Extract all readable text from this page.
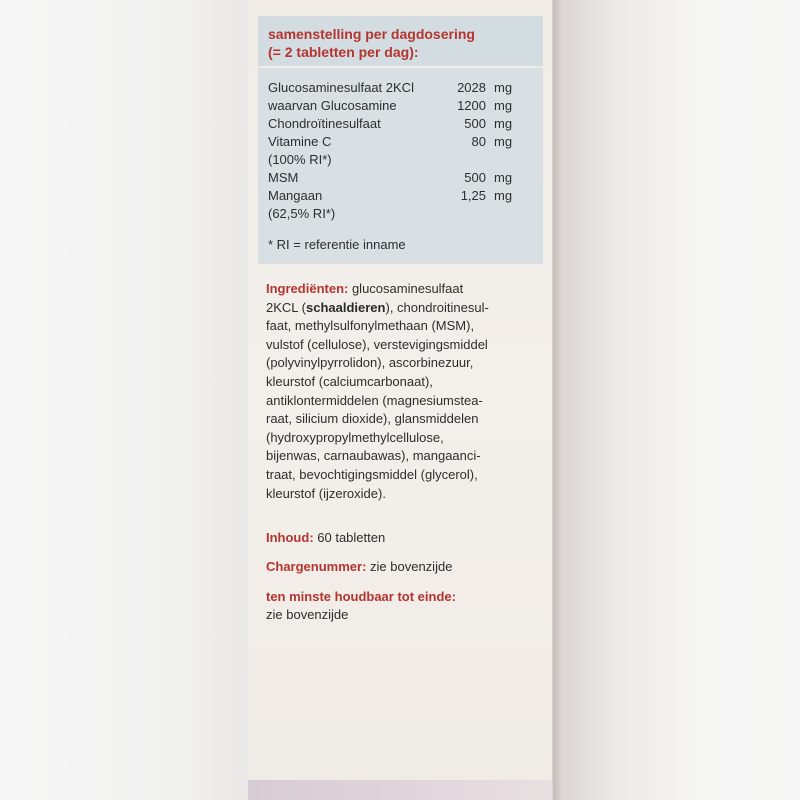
samenstelling per dagdosering
(= 2 tabletten per dag):
Glucosaminesulfaat 2KCl	2028 mg
waarvan Glucosamine	1200 mg
Chondroïtinesulfaat	500 mg
Vitamine C	80 mg
(100% RI*)
MSM	500 mg
Mangaan	1,25 mg
(62,5% RI*)
* RI = referentie inname
Ingrediënten: glucosaminesulfaat
2KCL (schaaldieren), chondroitinesul-
faat, methylsulfonylmethaan (MSM),
vulstof (cellulose), verstevigingsmiddel
(polyvinylpyrrolidon), ascorbinezuur,
kleurstof (calciumcarbonaat),
antiklontermiddelen (magnesiumstea-
raat, silicium dioxide), glansmiddelen
(hydroxypropylmethylcellulose,
bijenwas, carnaubawas), mangaanci-
traat, bevochtigingsmiddel (glycerol),
kleurstof (ijzeroxide).
Inhoud: 60 tabletten
Chargenummer: zie bovenzijde
ten minste houdbaar tot einde:
zie bovenzijde
